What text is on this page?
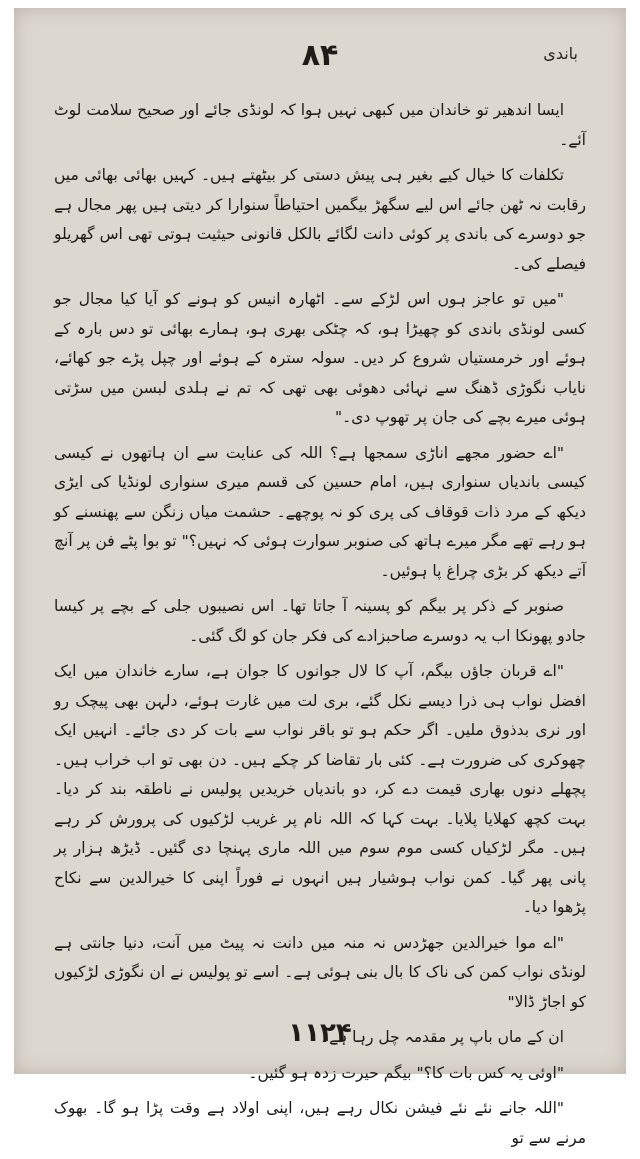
۸۴	باندی

ایسا اندھیر تو خاندان میں کبھی نہیں ہوا کہ لونڈی جائے اور صحیح سلامت لوٹ آئے۔

تکلفات کا خیال کیے بغیر ہی پیش دستی کر بیٹھتے ہیں۔ کہیں بھائی بھائی میں رقابت نہ ٹھن جائے اس لیے سگھڑ بیگمیں احتیاطاً سنوارا کر دیتی ہیں پھر مجال ہے جو دوسرے کی باندی پر کوئی دانت لگائے بالکل قانونی حیثیت ہوتی تھی اس گھریلو فیصلے کی۔

"میں تو عاجز ہوں اس لڑکے سے۔ اٹھارہ انیس کو ہونے کو آیا کیا مجال جو کسی لونڈی باندی کو چھیڑا ہو، کہ چٹکی بھری ہو، ہمارے بھائی تو دس بارہ کے ہوئے اور خرمستیاں شروع کر دیں۔ سولہ سترہ کے ہوئے اور چپل پڑے جو کھائے، نایاب نگوڑی ڈھنگ سے نہائی دھوئی بھی تھی کہ تم نے ہلدی لبسن میں سڑتی ہوئی میرے بچے کی جان پر تھوپ دی۔"

"اے حضور مجھے اناڑی سمجھا ہے؟ اللہ کی عنایت سے ان ہاتھوں نے کیسی کیسی باندیاں سنواری ہیں، امام حسین کی قسم میری سنواری لونڈیا کی ایڑی دیکھ کے مرد ذات قوقاف کی پری کو نہ پوچھے۔ حشمت میاں زنگن سے پھنسنے کو ہو رہے تھے مگر میرے ہاتھ کی صنوبر سوارت ہوئی کہ نہیں؟" تو بوا پٹے فن پر آنچ آتے دیکھ کر بڑی چراغ پا ہوئیں۔

صنوبر کے ذکر پر بیگم کو پسینہ آ جاتا تھا۔ اس نصیبوں جلی کے بچے پر کیسا جادو پھونکا اب یہ دوسرے صاحبزادے کی فکر جان کو لگ گئی۔

"اے قربان جاؤں بیگم، آپ کا لال جوانوں کا جوان ہے، سارے خاندان میں ایک افضل نواب ہی ذرا دیسے نکل گئے، بری لت میں غارت ہوئے، دلہن بھی پیچک رو اور نری بدذوق ملیں۔ اگر حکم ہو تو باقر نواب سے بات کر دی جائے۔ انہیں ایک چھوکری کی ضرورت ہے۔ کئی بار تقاضا کر چکے ہیں۔ دن بھی تو اب خراب ہیں۔ پچھلے دنوں بھاری قیمت دے کر، دو باندیاں خریدیں پولیس نے ناطقہ بند کر دیا۔ بہت کچھ کھلایا پلایا۔ بہت کہا کہ اللہ نام پر غریب لڑکیوں کی پرورش کر رہے ہیں۔ مگر لڑکیاں کسی موم سوم میں اللہ ماری پہنچا دی گئیں۔ ڈیڑھ ہزار پر پانی پھر گیا۔ کمن نواب ہوشیار ہیں انہوں نے فوراً اپنی کا خیرالدین سے نکاح پڑھوا دیا۔

"اے موا خیرالدین جھڑدس نہ منہ میں دانت نہ پیٹ میں آنت، دنیا جانتی ہے لونڈی نواب کمن کی ناک کا بال بنی ہوئی ہے۔ اسے تو پولیس نے ان نگوڑی لڑکیوں کو اجاڑ ڈالا"

ان کے ماں باپ پر مقدمہ چل رہا ہے۔

"اوئی یہ کس بات کا؟" بیگم حیرت زدہ ہو گئیں۔

"اللہ جانے نئے نئے فیشن نکال رہے ہیں، اپنی اولاد ہے وقت پڑا ہو گا۔ بھوک مرنے سے تو

۱۱۲۴
